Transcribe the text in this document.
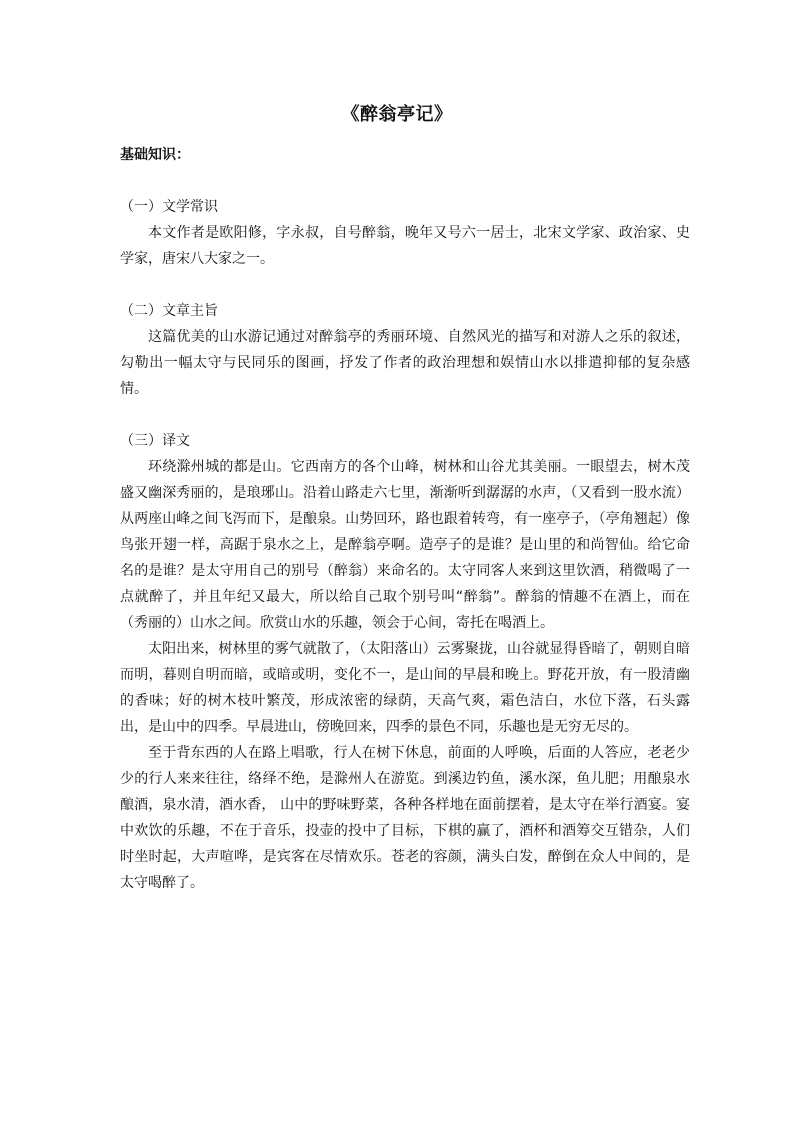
《醉翁亭记》
基础知识：
（一）文学常识

本文作者是欧阳修，字永叔，自号醉翁，晚年又号六一居士，北宋文学家、政治家、史学家，唐宋八大家之一。

（二）文章主旨

这篇优美的山水游记通过对醉翁亭的秀丽环境、自然风光的描写和对游人之乐的叙述，勾勒出一幅太守与民同乐的图画，抒发了作者的政治理想和娱情山水以排遣抑郁的复杂感情。

（三）译文

环绕滁州城的都是山。它西南方的各个山峰，树林和山谷尤其美丽。一眼望去，树木茂盛又幽深秀丽的，是琅琊山。沿着山路走六七里，渐渐听到潺潺的水声，（又看到一股水流）从两座山峰之间飞泻而下，是酿泉。山势回环，路也跟着转弯，有一座亭子，（亭角翘起）像鸟张开翅一样，高踞于泉水之上，是醉翁亭啊。造亭子的是谁？是山里的和尚智仙。给它命名的是谁？是太守用自己的别号（醉翁）来命名的。太守同客人来到这里饮酒，稍微喝了一点就醉了，并且年纪又最大，所以给自己取个别号叫“醉翁”。醉翁的情趣不在酒上，而在（秀丽的）山水之间。欣赏山水的乐趣，领会于心间，寄托在喝酒上。

太阳出来，树林里的雾气就散了，（太阳落山）云雾聚拢，山谷就显得昏暗了，朝则自暗而明，暮则自明而暗，或暗或明，变化不一，是山间的早晨和晚上。野花开放，有一股清幽的香味；好的树木枝叶繁茂，形成浓密的绿荫，天高气爽，霜色洁白，水位下落，石头露出，是山中的四季。早晨进山，傍晚回来，四季的景色不同，乐趣也是无穷无尽的。

至于背东西的人在路上唱歌，行人在树下休息，前面的人呼唤，后面的人答应，老老少少的行人来来往往，络绎不绝，是滁州人在游览。到溪边钓鱼，溪水深，鱼儿肥；用酿泉水酿酒，泉水清，酒水香， 山中的野味野菜，各种各样地在面前摆着，是太守在举行酒宴。宴中欢饮的乐趣，不在于音乐，投壶的投中了目标，下棋的赢了，酒杯和酒筹交互错杂，人们时坐时起，大声喧哗，是宾客在尽情欢乐。苍老的容颜，满头白发，醉倒在众人中间的，是太守喝醉了。
